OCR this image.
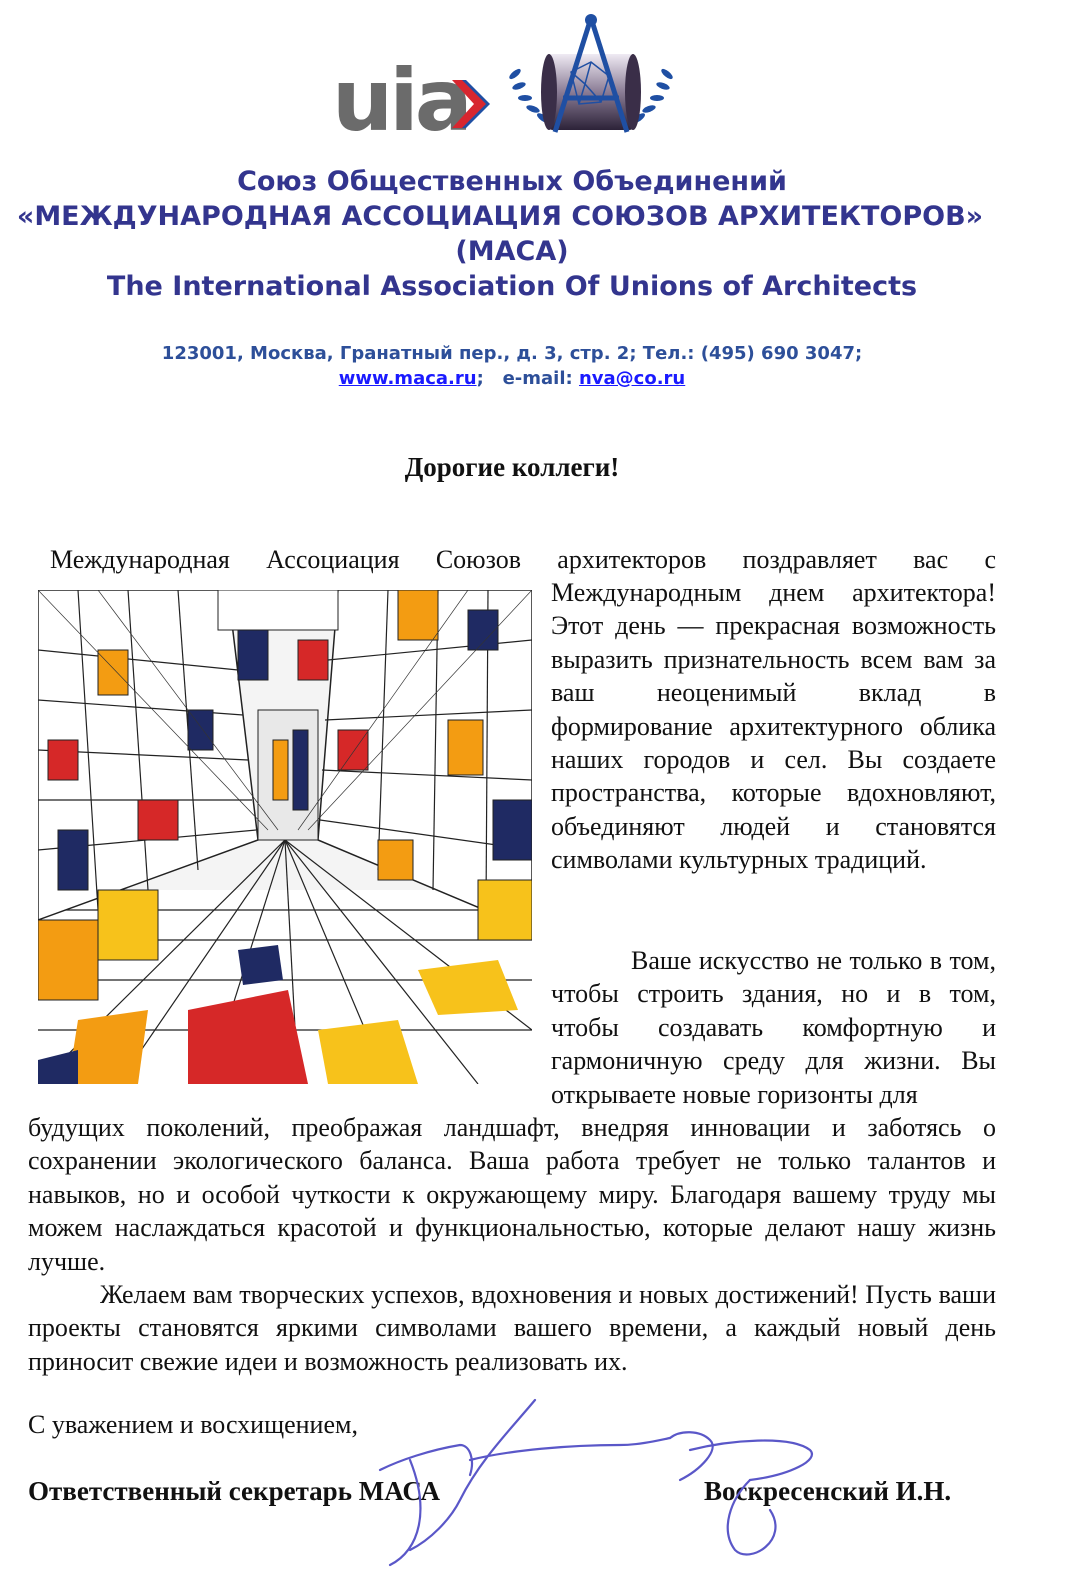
uia
Союз Общественных Объединений
«МЕЖДУНАРОДНАЯ АССОЦИАЦИЯ СОЮЗОВ АРХИТЕКТОРОВ»
(МАСА)
The International Association Of Unions of Architects
123001, Москва, Гранатный пер., д. 3, стр. 2; Тел.: (495) 690 3047;
www.maca.ru; e-mail: nva@co.ru
Дорогие коллеги!
Международная Ассоциация Союзов архитекторов поздравляет вас с
Международным днем архитектора! Этот день — прекрасная возможность выразить признательность всем вам за ваш неоценимый вклад в формирование архитектурного облика наших городов и сел. Вы создаете пространства, которые вдохновляют, объединяют людей и становятся символами культурных традиций.
Ваше искусство не только в том, чтобы строить здания, но и в том, чтобы создавать комфортную и гармоничную среду для жизни. Вы открываете новые горизонты для
будущих поколений, преображая ландшафт, внедряя инновации и заботясь о сохранении экологического баланса. Ваша работа требует не только талантов и навыков, но и особой чуткости к окружающему миру. Благодаря вашему труду мы можем наслаждаться красотой и функциональностью, которые делают нашу жизнь лучше.
Желаем вам творческих успехов, вдохновения и новых достижений! Пусть ваши проекты становятся яркими символами вашего времени, а каждый новый день приносит свежие идеи и возможность реализовать их.
С уважением и восхищением,
Ответственный секретарь МАСА	Воскресенский И.Н.
